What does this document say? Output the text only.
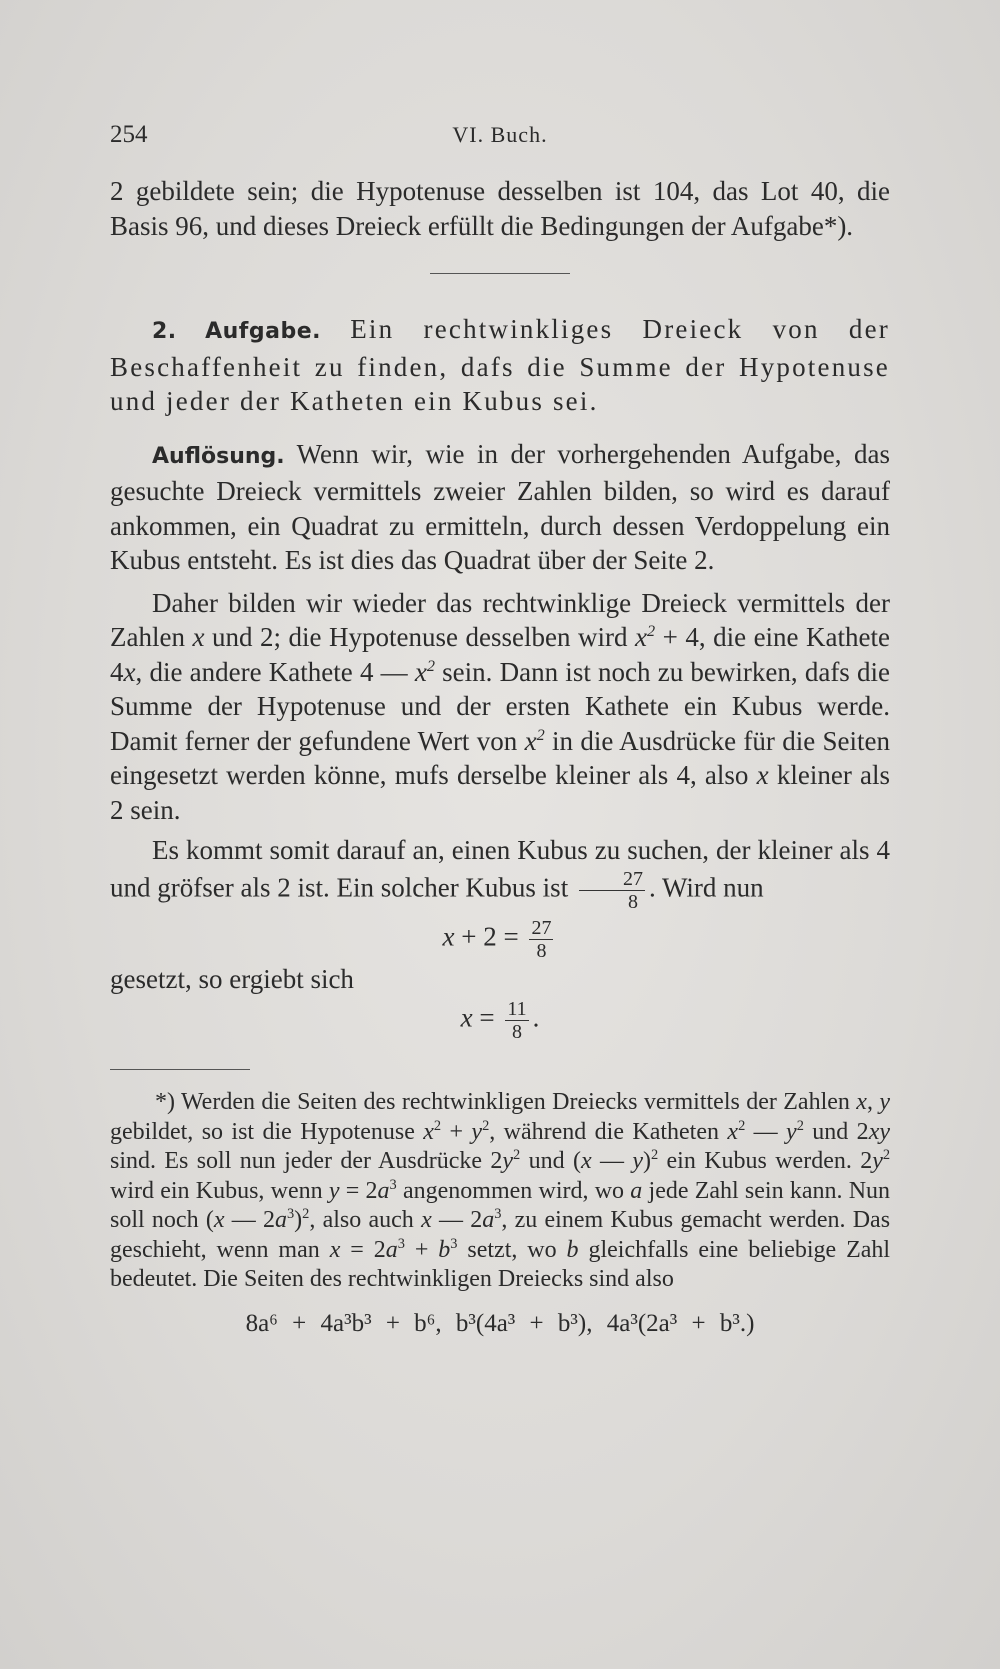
254	VI. Buch.

2 gebildete sein; die Hypotenuse desselben ist 104, das Lot 40, die Basis 96, und dieses Dreieck erfüllt die Bedingungen der Aufgabe*).

2. Aufgabe. Ein rechtwinkliges Dreieck von der Beschaffenheit zu finden, dafs die Summe der Hypotenuse und jeder der Katheten ein Kubus sei.

Auflösung. Wenn wir, wie in der vorhergehenden Aufgabe, das gesuchte Dreieck vermittels zweier Zahlen bilden, so wird es darauf ankommen, ein Quadrat zu ermitteln, durch dessen Verdoppelung ein Kubus entsteht. Es ist dies das Quadrat über der Seite 2.

Daher bilden wir wieder das rechtwinklige Dreieck vermittels der Zahlen x und 2; die Hypotenuse desselben wird $x^2 + 4$, die eine Kathete 4x, die andere Kathete 4 — $x^2$ sein. Dann ist noch zu bewirken, dafs die Summe der Hypotenuse und der ersten Kathete ein Kubus werde. Damit ferner der gefundene Wert von $x^2$ in die Ausdrücke für die Seiten eingesetzt werden könne, mufs derselbe kleiner als 4, also x kleiner als 2 sein.

Es kommt somit darauf an, einen Kubus zu suchen, der kleiner als 4 und gröfser als 2 ist. Ein solcher Kubus ist $\frac{27}{8}$ . Wird nun

$x + 2 = \frac{27}{8}$

gesetzt, so ergiebt sich

$x = \frac{11}{8}$ .

*) Werden die Seiten des rechtwinkligen Dreiecks vermittels der Zahlen x, y gebildet, so ist die Hypotenuse $x^2 + y^2$, während die Katheten $x^2$ — $y^2$ und 2xy sind. Es soll nun jeder der Ausdrücke $2y^2$ und (x — y)$^2$ ein Kubus werden. $2y^2$ wird ein Kubus, wenn $y = 2a^3$ angenommen wird, wo a jede Zahl sein kann. Nun soll noch (x — $2a^3)^2$, also auch x — $2a^3$, zu einem Kubus gemacht werden. Das geschieht, wenn man $x = 2a^3 + b^3$ setzt, wo b gleichfalls eine beliebige Zahl bedeutet. Die Seiten des rechtwinkligen Dreiecks sind also

8a⁶ + 4a³b³ + b⁶, b³(4a³ + b³), 4a³(2a³ + b³.)
